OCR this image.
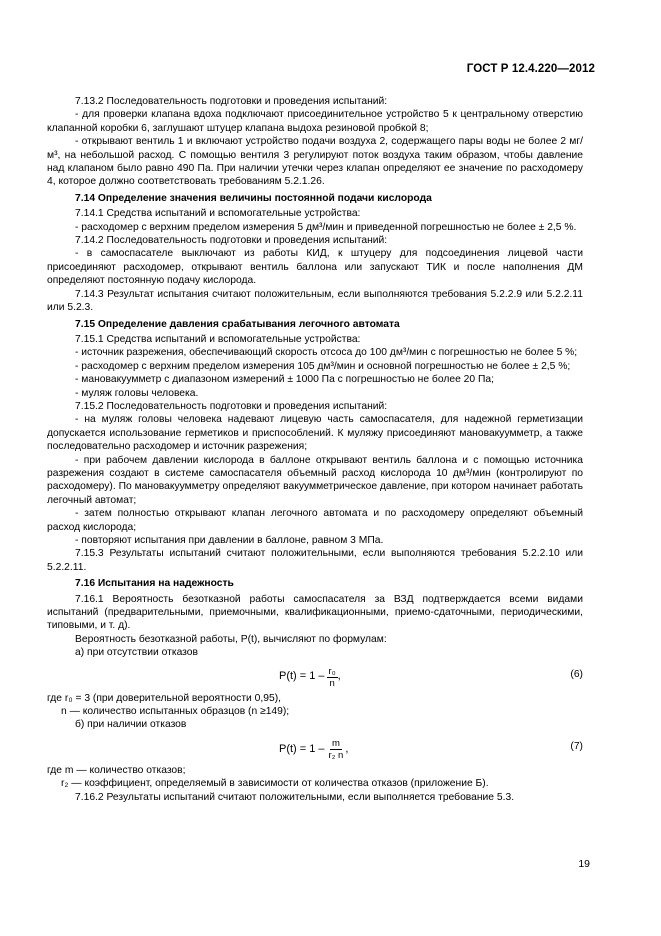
ГОСТ Р 12.4.220—2012

7.13.2 Последовательность подготовки и проведения испытаний:

- для проверки клапана вдоха подключают присоединительное устройство 5 к центральному отверстию клапанной коробки 6, заглушают штуцер клапана выдоха резиновой пробкой 8;

- открывают вентиль 1 и включают устройство подачи воздуха 2, содержащего пары воды не более 2 мг/м³, на небольшой расход. С помощью вентиля 3 регулируют поток воздуха таким образом, чтобы давление над клапаном было равно 490 Па. При наличии утечки через клапан определяют ее значение по расходомеру 4, которое должно соответствовать требованиям 5.2.1.26.

7.14 Определение значения величины постоянной подачи кислорода

7.14.1 Средства испытаний и вспомогательные устройства:

- расходомер с верхним пределом измерения 5 дм³/мин и приведенной погрешностью не более ± 2,5 %.

7.14.2 Последовательность подготовки и проведения испытаний:

- в самоспасателе выключают из работы КИД, к штуцеру для подсоединения лицевой части присоединяют расходомер, открывают вентиль баллона или запускают ТИК и после наполнения ДМ определяют постоянную подачу кислорода.

7.14.3 Результат испытания считают положительным, если выполняются требования 5.2.2.9 или 5.2.2.11 или 5.2.3.

7.15 Определение давления срабатывания легочного автомата

7.15.1 Средства испытаний и вспомогательные устройства:

- источник разрежения, обеспечивающий скорость отсоса до 100 дм³/мин с погрешностью не более 5 %;

- расходомер с верхним пределом измерения 105 дм³/мин и основной погрешностью не более ± 2,5 %;

- мановакуумметр с диапазоном измерений ± 1000 Па с погрешностью не более 20 Па;

- муляж головы человека.

7.15.2 Последовательность подготовки и проведения испытаний:

- на муляж головы человека надевают лицевую часть самоспасателя, для надежной герметизации допускается использование герметиков и приспособлений. К муляжу присоединяют мановакуумметр, а также последовательно расходомер и источник разрежения;

- при рабочем давлении кислорода в баллоне открывают вентиль баллона и с помощью источника разрежения создают в системе самоспасателя объемный расход кислорода 10 дм³/мин (контролируют по расходомеру). По мановакуумметру определяют вакуумметрическое давление, при котором начинает работать легочный автомат;

- затем полностью открывают клапан легочного автомата и по расходомеру определяют объемный расход кислорода;

- повторяют испытания при давлении в баллоне, равном 3 МПа.

7.15.3 Результаты испытаний считают положительными, если выполняются требования 5.2.2.10 или 5.2.2.11.

7.16 Испытания на надежность

7.16.1 Вероятность безотказной работы самоспасателя за ВЗД подтверждается всеми видами испытаний (предварительными, приемочными, квалификационными, приемо-сдаточными, периодическими, типовыми, и т. д).

Вероятность безотказной работы, P(t), вычисляют по формулам:

а) при отсутствии отказов

$P(t) = 1 - \frac{\text{r₀}}{n}$ ,	(6)

где r₀ = 3 (при доверительной вероятности 0,95),

n — количество испытанных образцов (n ≥149);

б) при наличии отказов

$P(t) = 1 - \frac{m}{\text{r₂ n}}$ ,	(7)

где m — количество отказов;

r₂ — коэффициент, определяемый в зависимости от количества отказов (приложение Б).

7.16.2 Результаты испытаний считают положительными, если выполняется требование 5.3.

19
